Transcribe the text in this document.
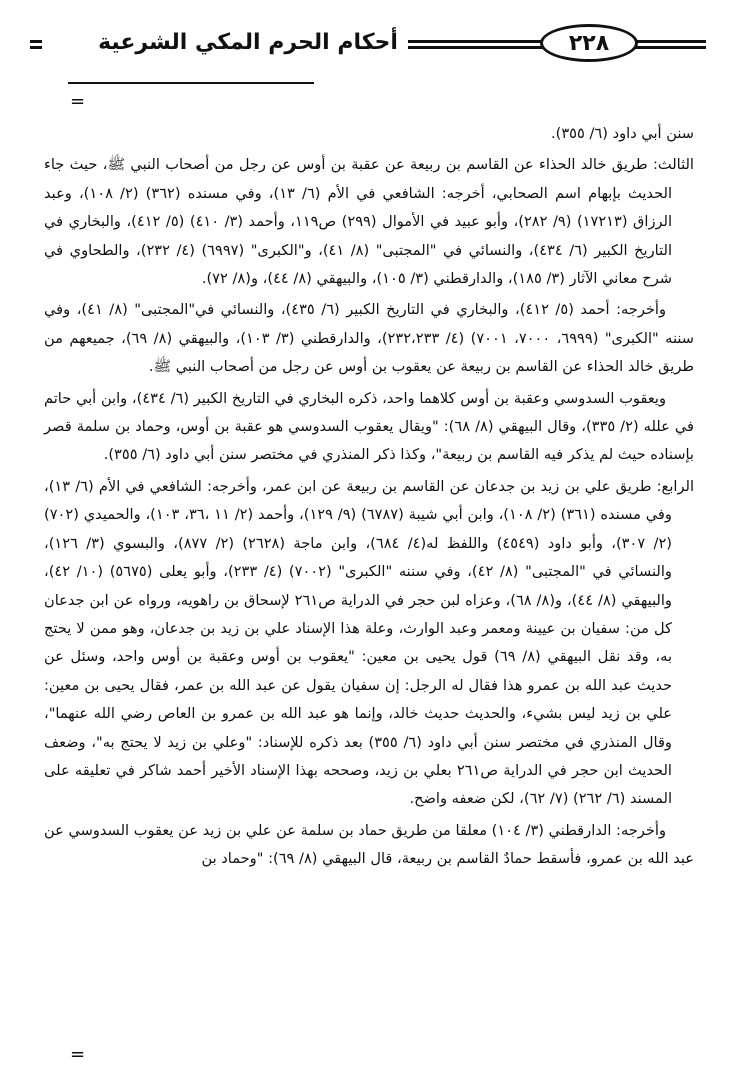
أحكام الحرم المكي الشرعية	٢٢٨
=

سنن أبي داود (٦/ ٣٥٥).

الثالث: طريق خالد الحذاء عن القاسم بن ربيعة عن عقبة بن أوس عن رجل من أصحاب النبي ﷺ، حيث جاء الحديث بإبهام اسم الصحابي، أخرجه: الشافعي في الأم (٦/ ١٣)، وفي مسنده (٣٦٢) (٢/ ١٠٨)، وعبد الرزاق (١٧٢١٣) (٩/ ٢٨٢)، وأبو عبيد في الأموال (٢٩٩) ص١١٩، وأحمد (٣/ ٤١٠) (٥/ ٤١٢)، والبخاري في التاريخ الكبير (٦/ ٤٣٤)، والنسائي في "المجتبى" (٨/ ٤١)، و"الكبرى" (٦٩٩٧) (٤/ ٢٣٢)، والطحاوي في شرح معاني الآثار (٣/ ١٨٥)، والدارقطني (٣/ ١٠٥)، والبيهقي (٨/ ٤٤)، و(٨/ ٧٢).

وأخرجه: أحمد (٥/ ٤١٢)، والبخاري في التاريخ الكبير (٦/ ٤٣٥)، والنسائي في"المجتبى" (٨/ ٤١)، وفي سننه "الكبرى" (٦٩٩٩، ٧٠٠٠، ٧٠٠١) (٤/ ٢٣٢،٢٣٣)، والدارقطني (٣/ ١٠٣)، والبيهقي (٨/ ٦٩)، جميعهم من طريق خالد الحذاء عن القاسم بن ربيعة عن يعقوب بن أوس عن رجل من أصحاب النبي ﷺ.

ويعقوب السدوسي وعقبة بن أوس كلاهما واحد، ذكره البخاري في التاريخ الكبير (٦/ ٤٣٤)، وابن أبي حاتم في علله (٢/ ٣٣٥)، وقال البيهقي (٨/ ٦٨): "ويقال يعقوب السدوسي هو عقبة بن أوس، وحماد بن سلمة قصر بإسناده حيث لم يذكر فيه القاسم بن ربيعة"، وكذا ذكر المنذري في مختصر سنن أبي داود (٦/ ٣٥٥).

الرابع: طريق علي بن زيد بن جدعان عن القاسم بن ربيعة عن ابن عمر، وأخرجه: الشافعي في الأم (٦/ ١٣)، وفي مسنده (٣٦١) (٢/ ١٠٨)، وابن أبي شيبة (٦٧٨٧) (٩/ ١٢٩)، وأحمد (٢/ ١١ ،٣٦، ١٠٣)، والحميدي (٧٠٢) (٢/ ٣٠٧)، وأبو داود (٤٥٤٩) واللفظ له(٤/ ٦٨٤)، وابن ماجة (٢٦٢٨) (٢/ ٨٧٧)، والبسوي (٣/ ١٢٦)، والنسائي في "المجتبى" (٨/ ٤٢)، وفي سننه "الكبرى" (٧٠٠٢) (٤/ ٢٣٣)، وأبو يعلى (٥٦٧٥) (١٠/ ٤٢)، والبيهقي (٨/ ٤٤)، و(٨/ ٦٨)، وعزاه لبن حجر في الدراية ص٢٦١ لإسحاق بن راهويه، ورواه عن ابن جدعان كل من: سفيان بن عيينة ومعمر وعبد الوارث، وعلة هذا الإسناد علي بن زيد بن جدعان، وهو ممن لا يحتج به، وقد نقل البيهقي (٨/ ٦٩) قول يحيى بن معين: "يعقوب بن أوس وعقبة بن أوس واحد، وسئل عن حديث عبد الله بن عمرو هذا فقال له الرجل: إن سفيان يقول عن عبد الله بن عمر، فقال يحيى بن معين: علي بن زيد ليس بشيء، والحديث حديث خالد، وإنما هو عبد الله بن عمرو بن العاص رضي الله عنهما"، وقال المنذري في مختصر سنن أبي داود (٦/ ٣٥٥) بعد ذكره للإسناد: "وعلي بن زيد لا يحتج به"، وضعف الحديث ابن حجر في الدراية ص٢٦١ بعلي بن زيد، وصححه بهذا الإسناد الأخير أحمد شاكر في تعليقه على المسند (٦/ ٢٦٢) (٧/ ٦٢)، لكن ضعفه واضح.

وأخرجه: الدارقطني (٣/ ١٠٤) معلقا من طريق حماد بن سلمة عن علي بن زيد عن يعقوب السدوسي عن عبد الله بن عمرو، فأسقط حمادٌ القاسم بن ربيعة، قال البيهقي (٨/ ٦٩): "وحماد بن

=
